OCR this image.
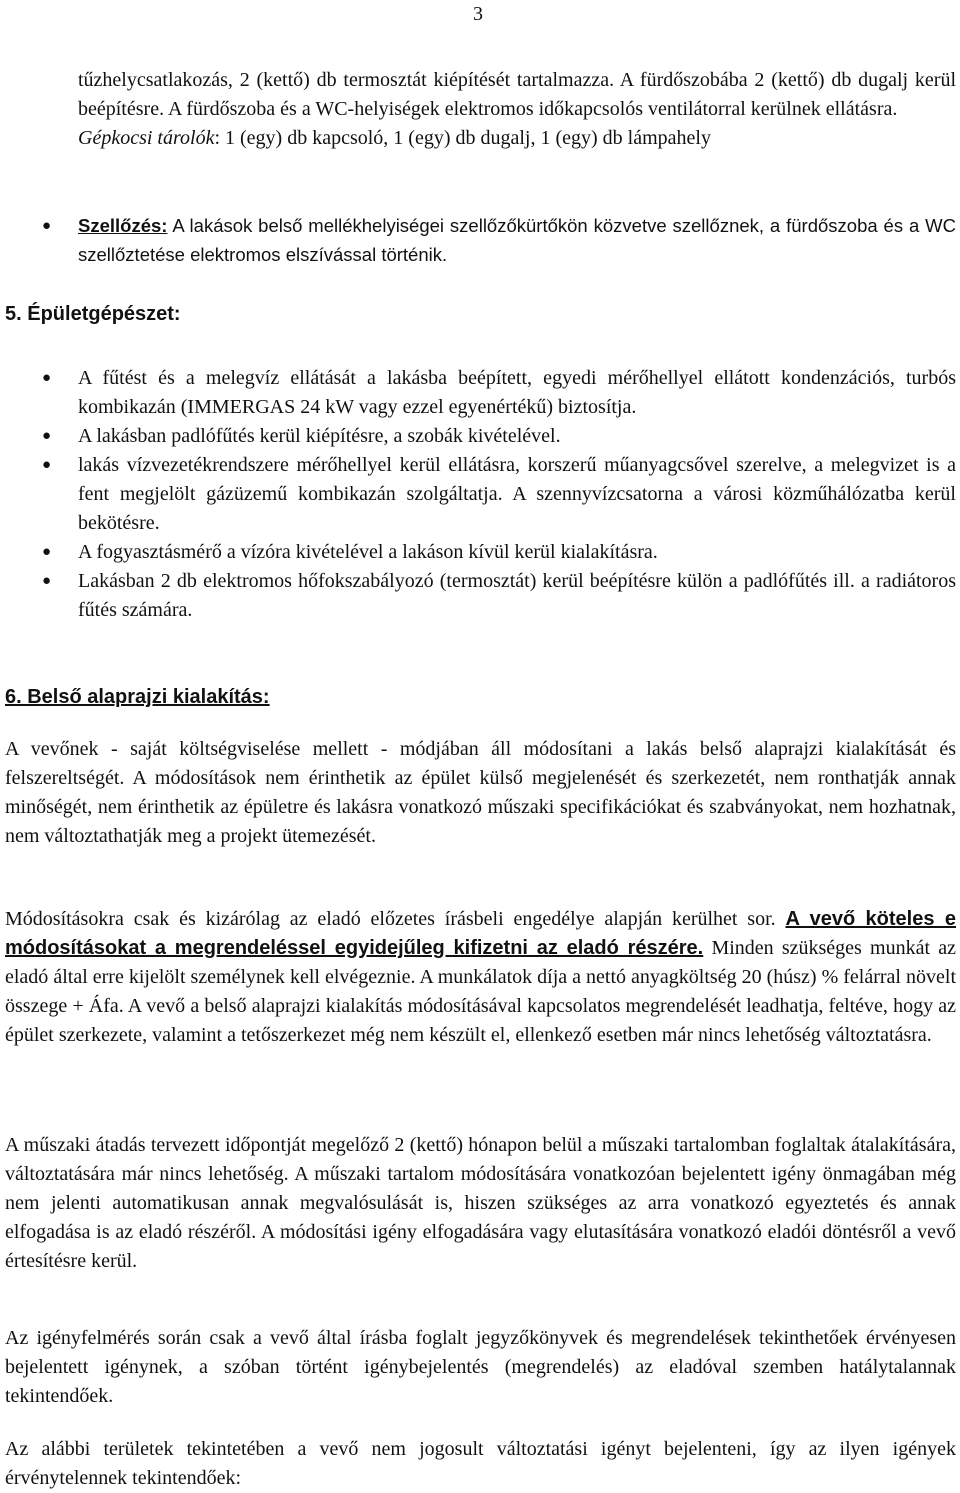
3
tűzhelycsatlakozás, 2 (kettő) db termosztát kiépítését tartalmazza. A fürdőszobába 2 (kettő) db dugalj kerül beépítésre. A fürdőszoba és a WC-helyiségek elektromos időkapcsolós ventilátorral kerülnek ellátásra.
Gépkocsi tárolók: 1 (egy) db kapcsoló, 1 (egy) db dugalj, 1 (egy) db lámpahely
● Szellőzés: A lakások belső mellékhelyiségei szellőzőkürtőkön közvetve szellőznek, a fürdőszoba és a WC szellőztetése elektromos elszívással történik.
5. Épületgépészet:
● A fűtést és a melegvíz ellátását a lakásba beépített, egyedi mérőhellyel ellátott kondenzációs, turbós kombikazán (IMMERGAS 24 kW vagy ezzel egyenértékű) biztosítja.
● A lakásban padlófűtés kerül kiépítésre, a szobák kivételével.
● lakás vízvezetékrendszere mérőhellyel kerül ellátásra, korszerű műanyagcsővel szerelve, a melegvizet is a fent megjelölt gázüzemű kombikazán szolgáltatja. A szennyvízcsatorna a városi közműhálózatba kerül bekötésre.
● A fogyasztásmérő a vízóra kivételével a lakáson kívül kerül kialakításra.
● Lakásban 2 db elektromos hőfokszabályozó (termosztát) kerül beépítésre külön a padlófűtés ill. a radiátoros fűtés számára.
6. Belső alaprajzi kialakítás:
A vevőnek - saját költségviselése mellett - módjában áll módosítani a lakás belső alaprajzi kialakítását és felszereltségét. A módosítások nem érinthetik az épület külső megjelenését és szerkezetét, nem ronthatják annak minőségét, nem érinthetik az épületre és lakásra vonatkozó műszaki specifikációkat és szabványokat, nem hozhatnak, nem változtathatják meg a projekt ütemezését.
Módosításokra csak és kizárólag az eladó előzetes írásbeli engedélye alapján kerülhet sor. A vevő köteles e módosításokat a megrendeléssel egyidejűleg kifizetni az eladó részére. Minden szükséges munkát az eladó által erre kijelölt személynek kell elvégeznie. A munkálatok díja a nettó anyagköltség 20 (húsz) % felárral növelt összege + Áfa. A vevő a belső alaprajzi kialakítás módosításával kapcsolatos megrendelését leadhatja, feltéve, hogy az épület szerkezete, valamint a tetőszerkezet még nem készült el, ellenkező esetben már nincs lehetőség változtatásra.
A műszaki átadás tervezett időpontját megelőző 2 (kettő) hónapon belül a műszaki tartalomban foglaltak átalakítására, változtatására már nincs lehetőség. A műszaki tartalom módosítására vonatkozóan bejelentett igény önmagában még nem jelenti automatikusan annak megvalósulását is, hiszen szükséges az arra vonatkozó egyeztetés és annak elfogadása is az eladó részéről. A módosítási igény elfogadására vagy elutasítására vonatkozó eladói döntésről a vevő értesítésre kerül.
Az igényfelmérés során csak a vevő által írásba foglalt jegyzőkönyvek és megrendelések tekinthetőek érvényesen bejelentett igénynek, a szóban történt igénybejelentés (megrendelés) az eladóval szemben hatálytalannak tekintendőek.
Az alábbi területek tekintetében a vevő nem jogosult változtatási igényt bejelenteni, így az ilyen igények érvénytelennek tekintendőek:
